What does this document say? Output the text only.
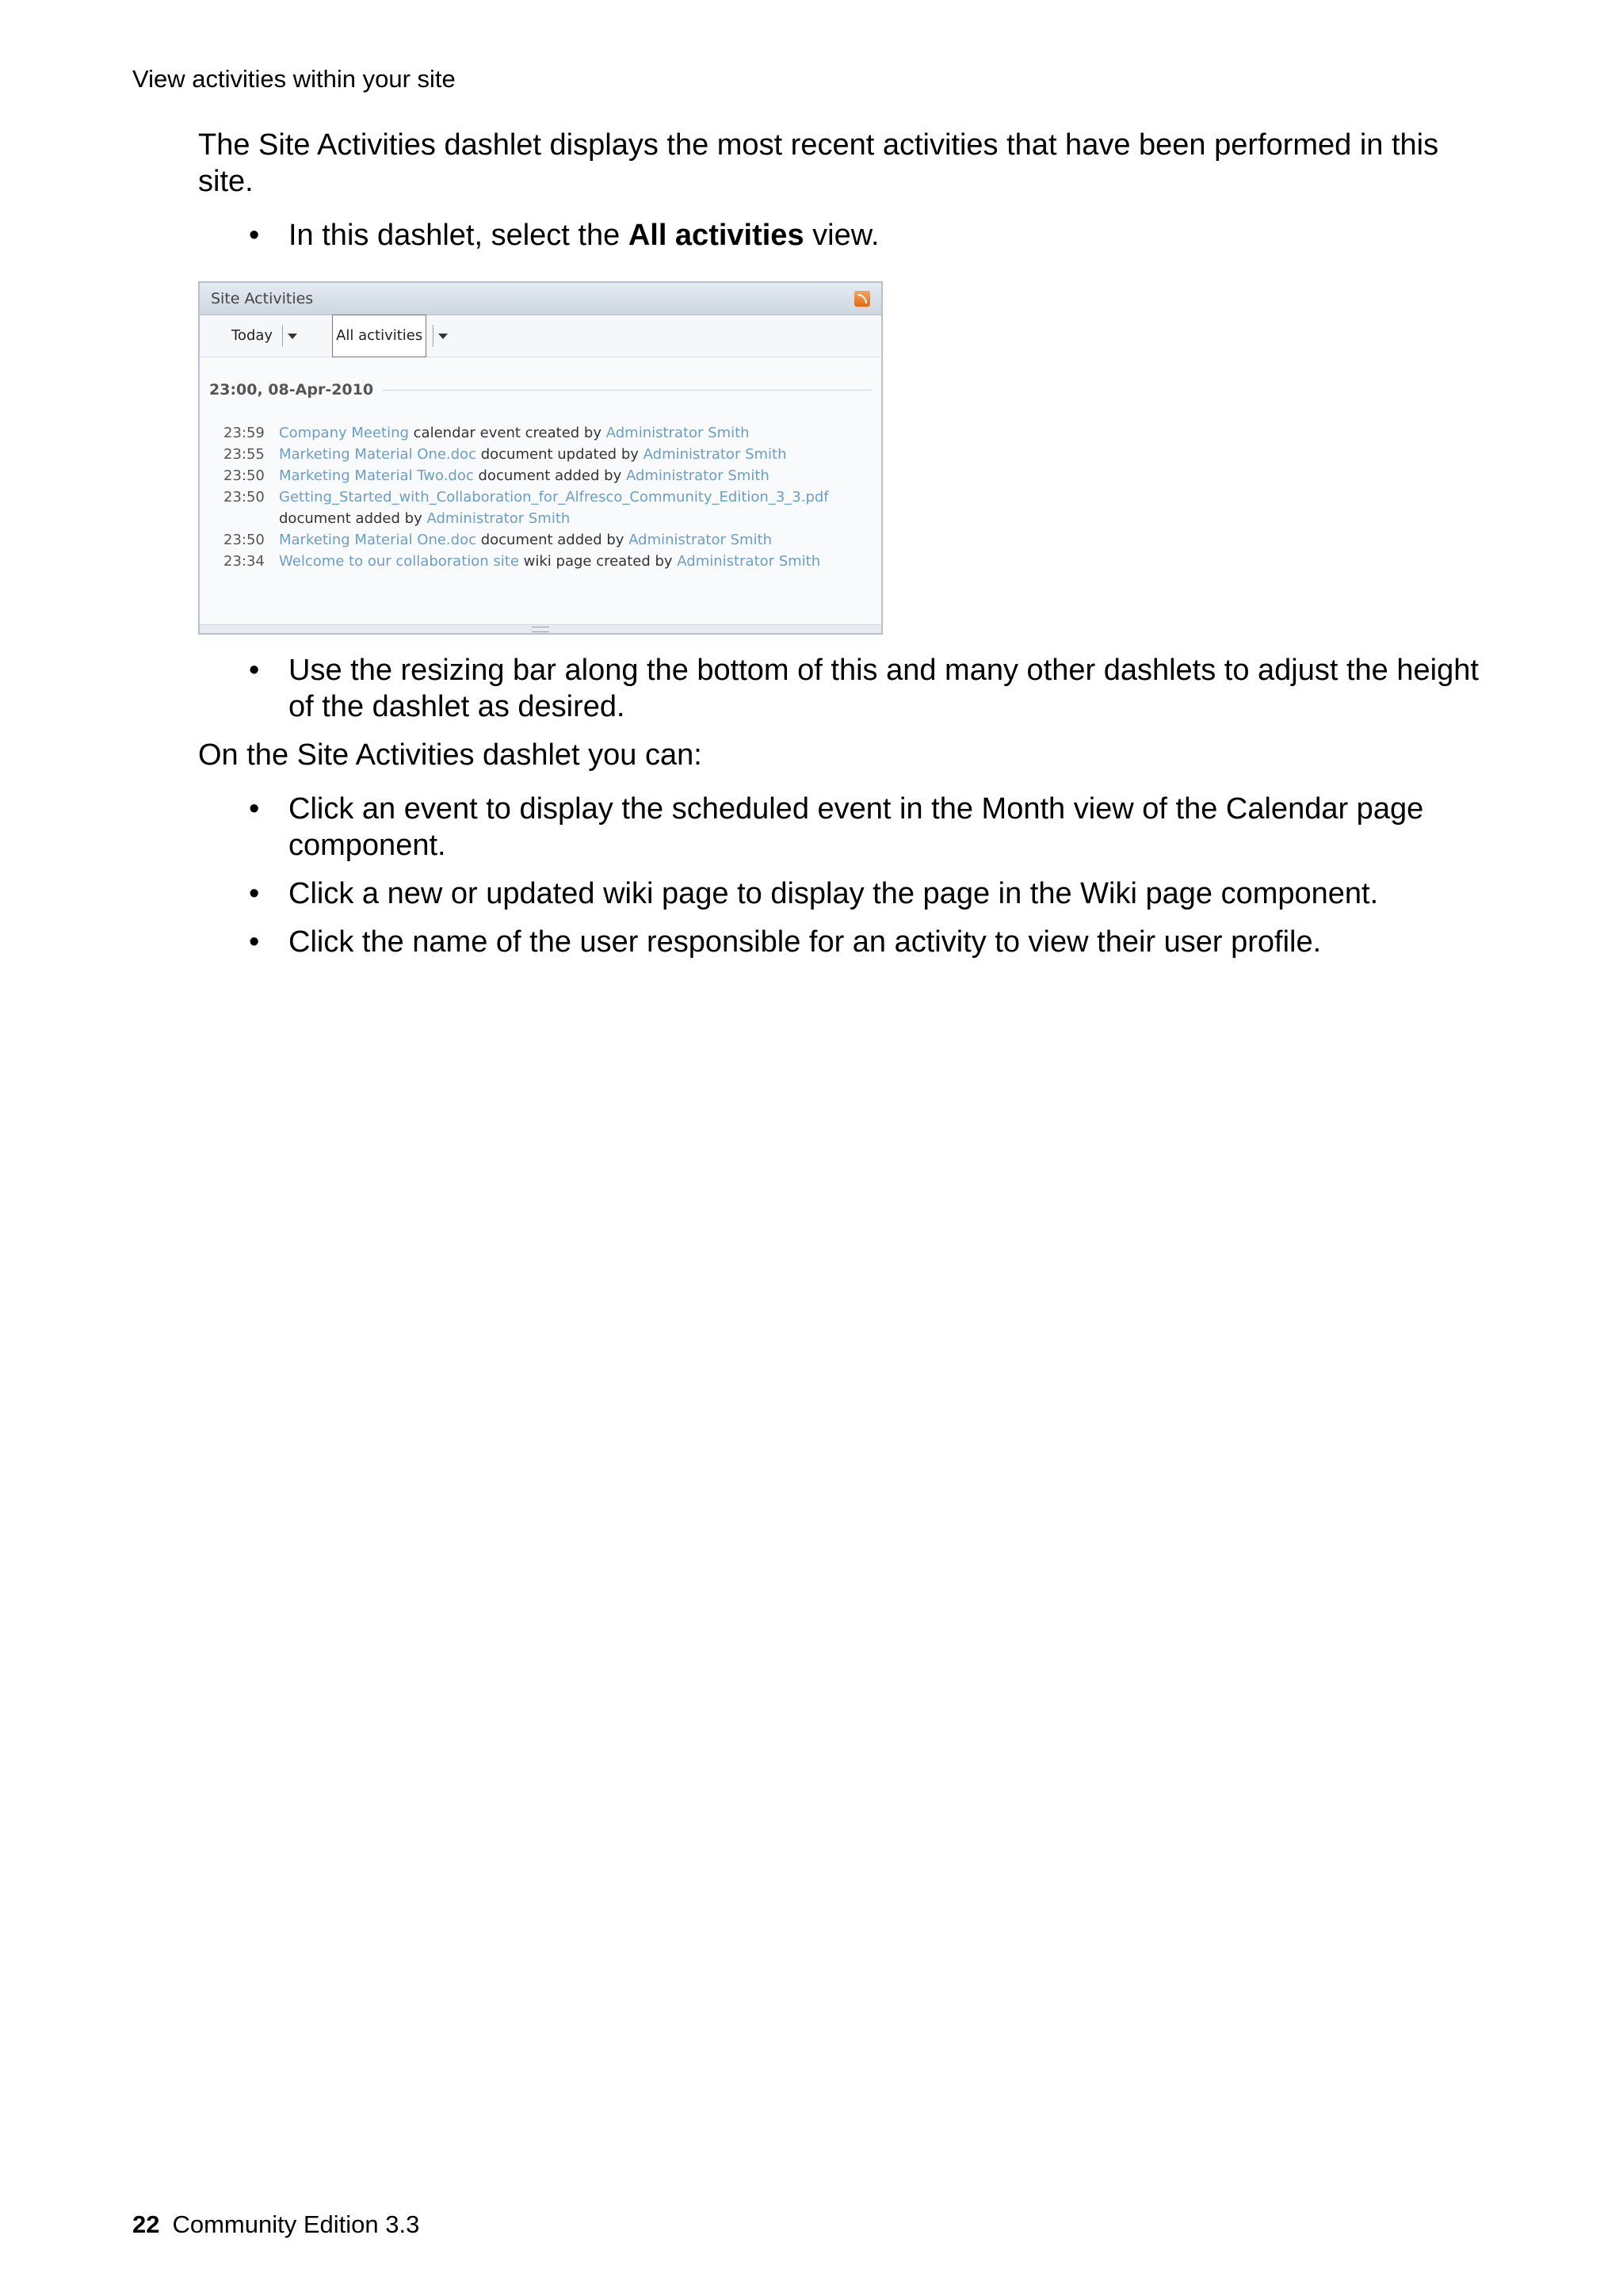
View activities within your site

The Site Activities dashlet displays the most recent activities that have been performed in this site.

• In this dashlet, select the All activities view.
Site Activities
Today	All activities
23:00, 08-Apr-2010
23:59	Company Meeting calendar event created by Administrator Smith
23:55	Marketing Material One.doc document updated by Administrator Smith
23:50	Marketing Material Two.doc document added by Administrator Smith
23:50	Getting_Started_with_Collaboration_for_Alfresco_Community_Edition_3_3.pdf
document added by Administrator Smith
23:50	Marketing Material One.doc document added by Administrator Smith
23:34	Welcome to our collaboration site wiki page created by Administrator Smith
• Use the resizing bar along the bottom of this and many other dashlets to adjust the height of the dashlet as desired.

On the Site Activities dashlet you can:

• Click an event to display the scheduled event in the Month view of the Calendar page component.
• Click a new or updated wiki page to display the page in the Wiki page component.
• Click the name of the user responsible for an activity to view their user profile.
22 Community Edition 3.3
